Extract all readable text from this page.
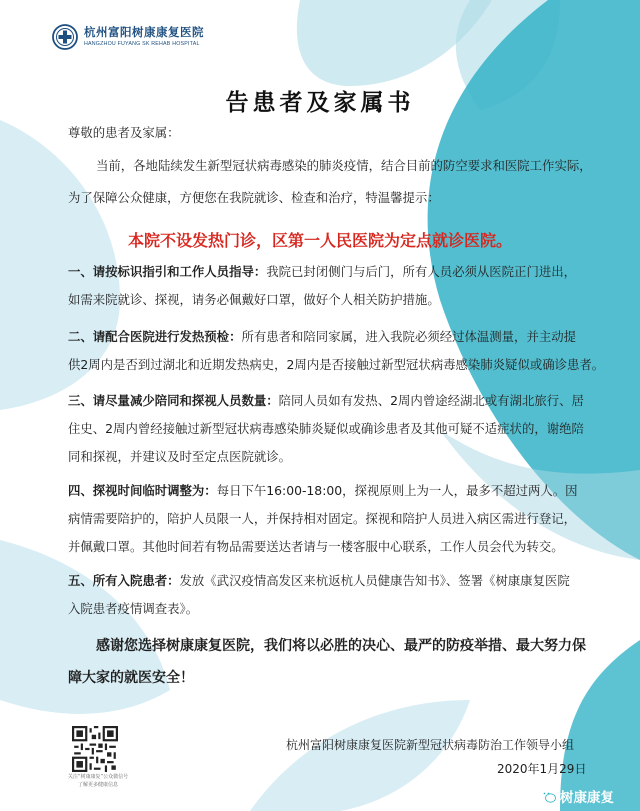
杭州富阳树康康复医院
HANGZHOU FUYANG SK REHAB HOSPITAL
告患者及家属书
尊敬的患者及家属：
当前，各地陆续发生新型冠状病毒感染的肺炎疫情，结合目前的防空要求和医院工作实际，
为了保障公众健康，方便您在我院就诊、检查和治疗，特温馨提示：
本院不设发热门诊，区第一人民医院为定点就诊医院。
一、请按标识指引和工作人员指导：我院已封闭侧门与后门，所有人员必须从医院正门进出，
如需来院就诊、探视，请务必佩戴好口罩，做好个人相关防护措施。
二、请配合医院进行发热预检：所有患者和陪同家属，进入我院必须经过体温测量，并主动提
供2周内是否到过湖北和近期发热病史，2周内是否接触过新型冠状病毒感染肺炎疑似或确诊患者。
三、请尽量减少陪同和探视人员数量：陪同人员如有发热、2周内曾途经湖北或有湖北旅行、居
住史、2周内曾经接触过新型冠状病毒感染肺炎疑似或确诊患者及其他可疑不适症状的，谢绝陪
同和探视，并建议及时至定点医院就诊。
四、探视时间临时调整为：每日下午16:00-18:00，探视原则上为一人，最多不超过两人。因
病情需要陪护的，陪护人员限一人，并保持相对固定。探视和陪护人员进入病区需进行登记，
并佩戴口罩。其他时间若有物品需要送达者请与一楼客服中心联系，工作人员会代为转交。
五、所有入院患者：发放《武汉疫情高发区来杭返杭人员健康告知书》、签署《树康康复医院
入院患者疫情调查表》。
感谢您选择树康康复医院，我们将以必胜的决心、最严的防疫举措、最大努力保
障大家的就医安全！
关注“树康康复”公众微信号
了解更多健康信息
杭州富阳树康康复医院新型冠状病毒防治工作领导小组
2020年1月29日
树康康复
